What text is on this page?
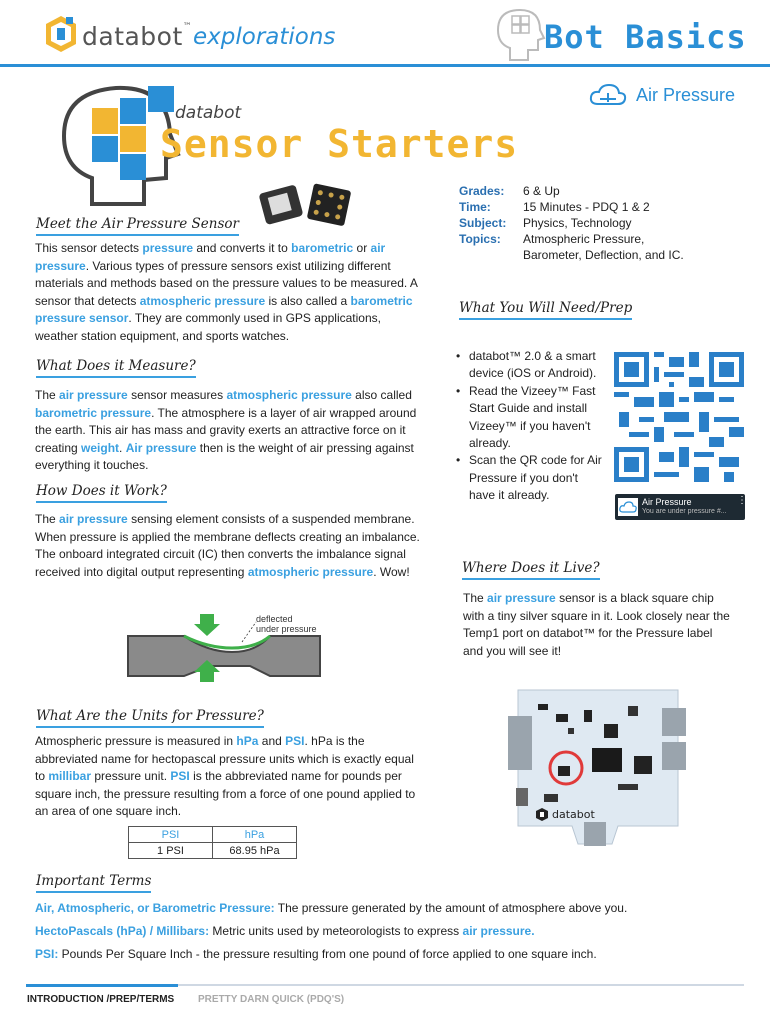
databot™ explorations	Bot Basics
Air Pressure
databot
Sensor Starters
Grades:	6 & Up
Time:	15 Minutes - PDQ 1 & 2
Subject:	Physics, Technology
Topics:	Atmospheric Pressure, Barometer, Deflection, and IC.
Meet the Air Pressure Sensor
This sensor detects pressure and converts it to barometric or air pressure. Various types of pressure sensors exist utilizing different materials and methods based on the pressure values to be measured. A sensor that detects atmospheric pressure is also called a barometric pressure sensor. They are commonly used in GPS applications, weather station equipment, and sports watches.
What Does it Measure?
The air pressure sensor measures atmospheric pressure also called barometric pressure. The atmosphere is a layer of air wrapped around the earth. This air has mass and gravity exerts an attractive force on it creating weight. Air pressure then is the weight of air pressing against everything it touches.
How Does it Work?
The air pressure sensing element consists of a suspended membrane. When pressure is applied the membrane deflects creating an imbalance. The onboard integrated circuit (IC) then converts the imbalance signal received into digital output representing atmospheric pressure. Wow!
deflected
under pressure
What Are the Units for Pressure?
Atmospheric pressure is measured in hPa and PSI. hPa is the abbreviated name for hectopascal pressure units which is exactly equal to millibar pressure unit. PSI is the abbreviated name for pounds per square inch, the pressure resulting from a force of one pound applied to an area of one square inch.
PSI	hPa
1 PSI	68.95 hPa
What You Will Need/Prep
• databot™ 2.0 & a smart device (iOS or Android).
• Read the Vizeey™ Fast Start Guide and install Vizeey™ if you haven't already.
• Scan the QR code for Air Pressure if you don't have it already.	Air Pressure
You are under pressure #...
⋮
Where Does it Live?
The air pressure sensor is a black square chip with a tiny silver square in it. Look closely near the Temp1 port on databot™ for the Pressure label and you will see it!
databot
Important Terms

Air, Atmospheric, or Barometric Pressure: The pressure generated by the amount of atmosphere above you.

HectoPascals (hPa) / Millibars: Metric units used by meteorologists to express air pressure.

PSI: Pounds Per Square Inch - the pressure resulting from one pound of force applied to one square inch.

INTRODUCTION /PREP/TERMS PRETTY DARN QUICK (PDQ'S)
